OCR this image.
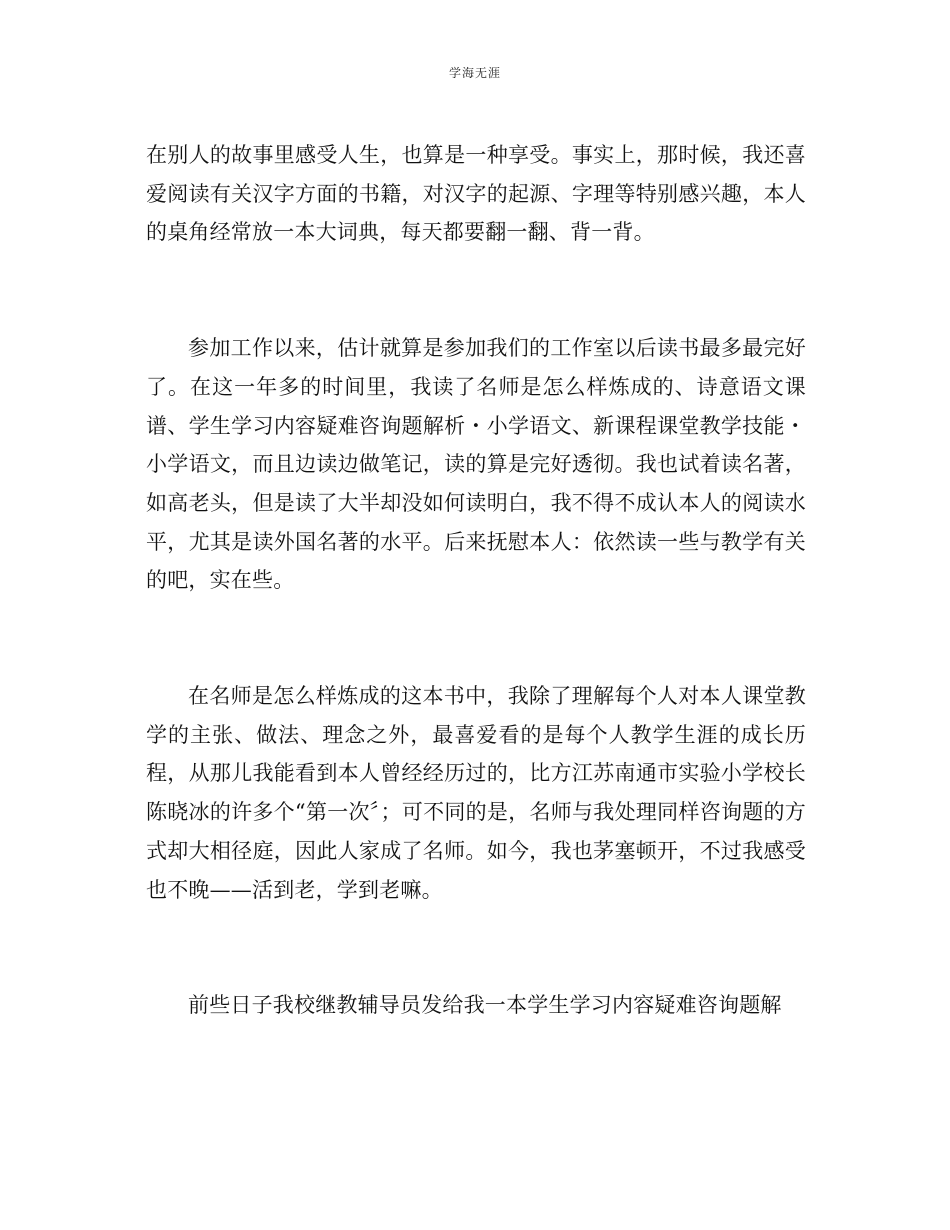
学海无涯

在别人的故事里感受人生，也算是一种享受。事实上，那时候，我还喜爱阅读有关汉字方面的书籍，对汉字的起源、字理等特别感兴趣，本人的桌角经常放一本大词典，每天都要翻一翻、背一背。

参加工作以来，估计就算是参加我们的工作室以后读书最多最完好了。在这一年多的时间里，我读了名师是怎么样炼成的、诗意语文课谱、学生学习内容疑难咨询题解析・小学语文、新课程课堂教学技能・小学语文，而且边读边做笔记，读的算是完好透彻。我也试着读名著，如高老头，但是读了大半却没如何读明白，我不得不成认本人的阅读水平，尤其是读外国名著的水平。后来抚慰本人：依然读一些与教学有关的吧，实在些。

在名师是怎么样炼成的这本书中，我除了理解每个人对本人课堂教学的主张、做法、理念之外，最喜爱看的是每个人教学生涯的成长历程，从那儿我能看到本人曾经经历过的，比方江苏南通市实验小学校长陈晓冰的许多个“第一次〞；可不同的是，名师与我处理同样咨询题的方式却大相径庭，因此人家成了名师。如今，我也茅塞顿开，不过我感受也不晚——活到老，学到老嘛。

前些日子我校继教辅导员发给我一本学生学习内容疑难咨询题解
